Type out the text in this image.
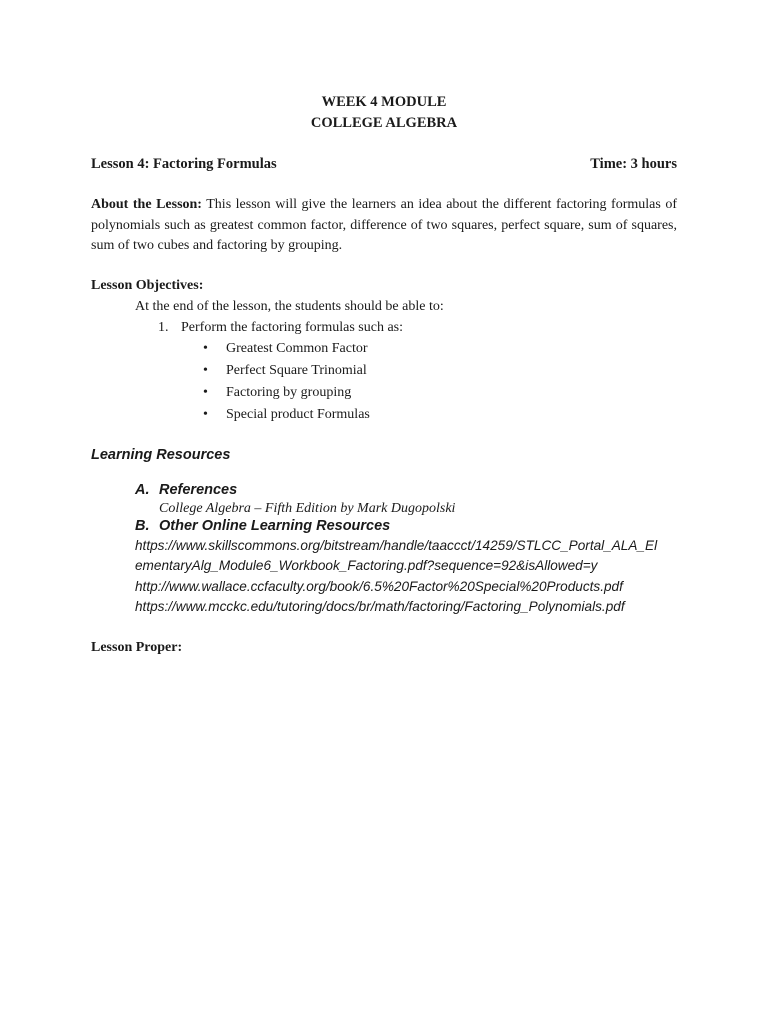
WEEK 4 MODULE
COLLEGE ALGEBRA
Lesson 4: Factoring Formulas	Time: 3 hours
About the Lesson: This lesson will give the learners an idea about the different factoring formulas of polynomials such as greatest common factor, difference of two squares, perfect square, sum of squares, sum of two cubes and factoring by grouping.
Lesson Objectives:
At the end of the lesson, the students should be able to:
1. Perform the factoring formulas such as:
• Greatest Common Factor
• Perfect Square Trinomial
• Factoring by grouping
• Special product Formulas
Learning Resources
A. References
College Algebra – Fifth Edition by Mark Dugopolski
B. Other Online Learning Resources
https://www.skillscommons.org/bitstream/handle/taaccct/14259/STLCC_Portal_ALA_El
ementaryAlg_Module6_Workbook_Factoring.pdf?sequence=92&isAllowed=y
http://www.wallace.ccfaculty.org/book/6.5%20Factor%20Special%20Products.pdf
https://www.mcckc.edu/tutoring/docs/br/math/factoring/Factoring_Polynomials.pdf
Lesson Proper:
